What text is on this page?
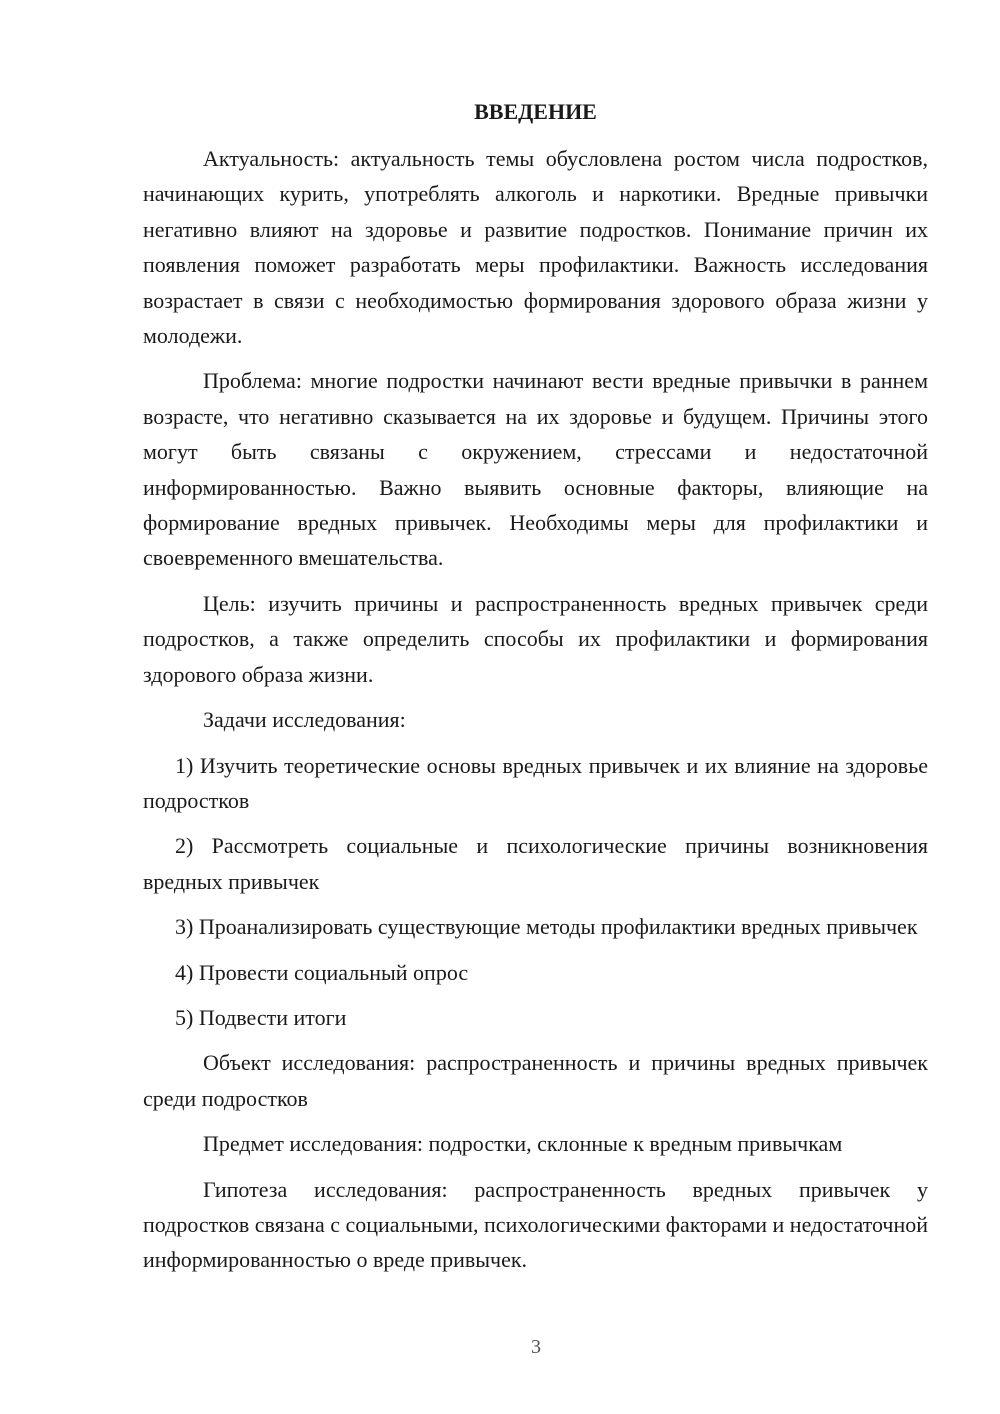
ВВЕДЕНИЕ

Актуальность: актуальность темы обусловлена ростом числа подростков, начинающих курить, употреблять алкоголь и наркотики. Вредные привычки негативно влияют на здоровье и развитие подростков. Понимание причин их появления поможет разработать меры профилактики. Важность исследования возрастает в связи с необходимостью формирования здорового образа жизни у молодежи.

Проблема: многие подростки начинают вести вредные привычки в раннем возрасте, что негативно сказывается на их здоровье и будущем. Причины этого могут быть связаны с окружением, стрессами и недостаточной информированностью. Важно выявить основные факторы, влияющие на формирование вредных привычек. Необходимы меры для профилактики и своевременного вмешательства.

Цель: изучить причины и распространенность вредных привычек среди подростков, а также определить способы их профилактики и формирования здорового образа жизни.

Задачи исследования:

1) Изучить теоретические основы вредных привычек и их влияние на здоровье подростков

2) Рассмотреть социальные и психологические причины возникновения вредных привычек

3) Проанализировать существующие методы профилактики вредных привычек

4) Провести социальный опрос

5) Подвести итоги

Объект исследования: распространенность и причины вредных привычек среди подростков

Предмет исследования: подростки, склонные к вредным привычкам

Гипотеза исследования: распространенность вредных привычек у подростков связана с социальными, психологическими факторами и недостаточной информированностью о вреде привычек.

3
